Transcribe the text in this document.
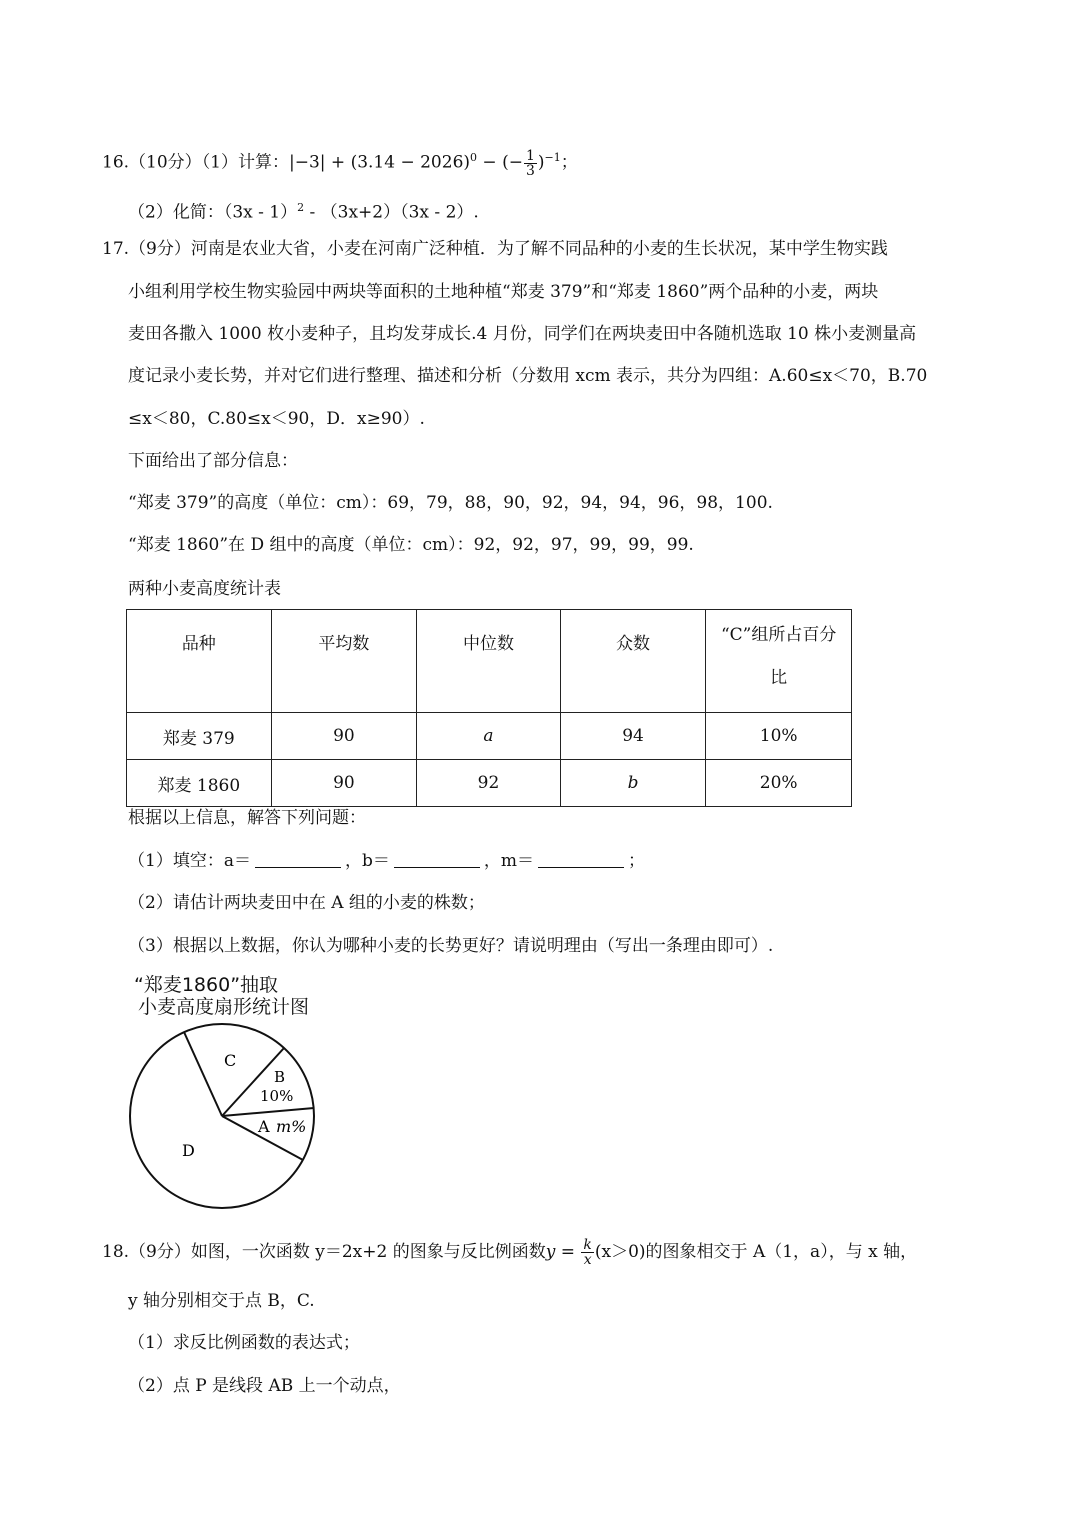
16.（10分）（1）计算：$|-3| + (3.14 - 2026)^0$ − (− $\frac{1}{3} )^{-1}$；
（2）化简：（3x - 1）$^2$ - （3x+2）（3x - 2）.
17.（9分）河南是农业大省，小麦在河南广泛种植．为了解不同品种的小麦的生长状况，某中学生物实践
小组利用学校生物实验园中两块等面积的土地种植“郑麦 379”和“郑麦 1860”两个品种的小麦，两块
麦田各撒入 1000 枚小麦种子，且均发芽成长.4 月份，同学们在两块麦田中各随机选取 10 株小麦测量高
度记录小麦长势，并对它们进行整理、描述和分析（分数用 xcm 表示，共分为四组：A.60≤x＜70，B.70
≤x＜80，C.80≤x＜90，D．x≥90）.
下面给出了部分信息：
“郑麦 379”的高度（单位：cm）：69，79，88，90，92，94，94，96，98，100.
“郑麦 1860”在 D 组中的高度（单位：cm）：92，92，97，99，99，99.
两种小麦高度统计表
品种	平均数	中位数	众数	“C”组所占百分
比

郑麦 379	90	a	94	10%
郑麦 1860	90	92	b	20%
根据以上信息，解答下列问题：
（1）填空：a＝	，b＝	，m＝	；
（2）请估计两块麦田中在 A 组的小麦的株数；
（3）根据以上数据，你认为哪种小麦的长势更好？请说明理由（写出一条理由即可）.
“郑麦1860”抽取
小麦高度扇形统计图
C
B
10%
A m%
D
18.（9分）如图，一次函数 y＝2x+2 的图象与反比例函数$y = \frac{k}{x} (x>0)$的图象相交于 A（1，a），与 x 轴，
y 轴分别相交于点 B，C.
（1）求反比例函数的表达式；
（2）点 P 是线段 AB 上一个动点，
